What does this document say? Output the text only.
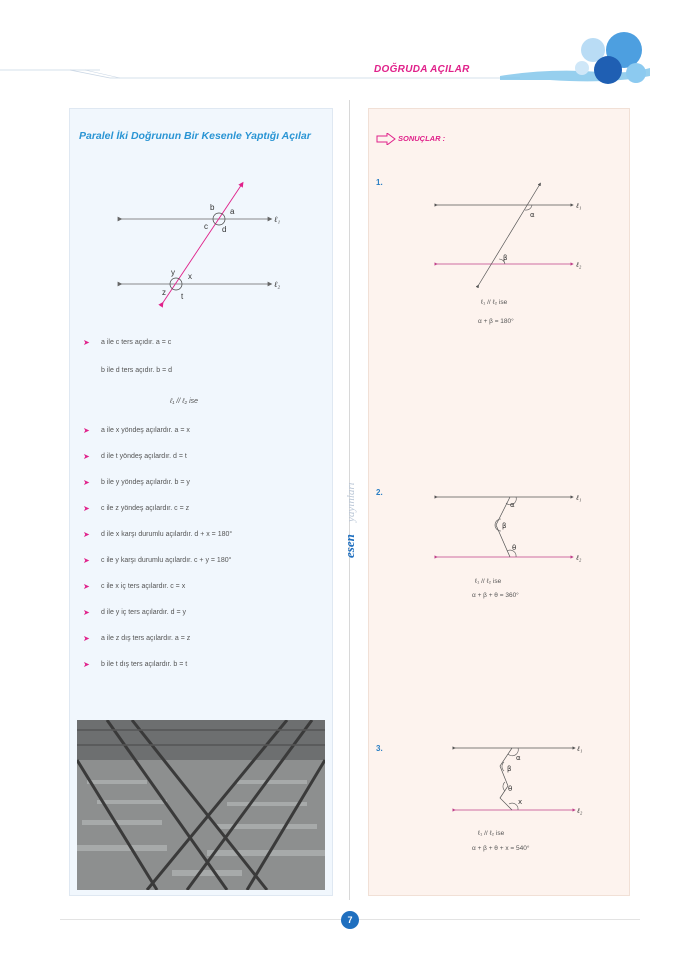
DOĞRUDA AÇILAR
esen
yayınları
Paralel İki Doğrunun Bir Kesenle Yaptığı Açılar
b a
c d
y x
z t
ℓ₁
ℓ₂
➤	a ile c ters açıdır. a = c
b ile d ters açıdır. b = d
ℓ₁ // ℓ₂ ise
➤	a ile x yöndeş açılardır. a = x
➤	d ile t yöndeş açılardır. d = t
➤	b ile y yöndeş açılardır. b = y
➤	c ile z yöndeş açılardır. c = z
➤	d ile x karşı durumlu açılardır. d + x = 180°
➤	c ile y karşı durumlu açılardır. c + y = 180°
➤	c ile x iç ters açılardır. c = x
➤	d ile y iç ters açılardır. d = y
➤	a ile z dış ters açılardır. a = z
➤	b ile t dış ters açılardır. b = t
SONUÇLAR :
1.
α
β
ℓ₁
ℓ₂
ℓ₁ // ℓ₂ ise
α + β = 180°
2.
α
β
θ
ℓ₁
ℓ₂
ℓ₁ // ℓ₂ ise
α + β + θ = 360°
3.
α
β
θ
x
ℓ₁
ℓ₂
ℓ₁ // ℓ₂ ise
α + β + θ + x = 540°
7
